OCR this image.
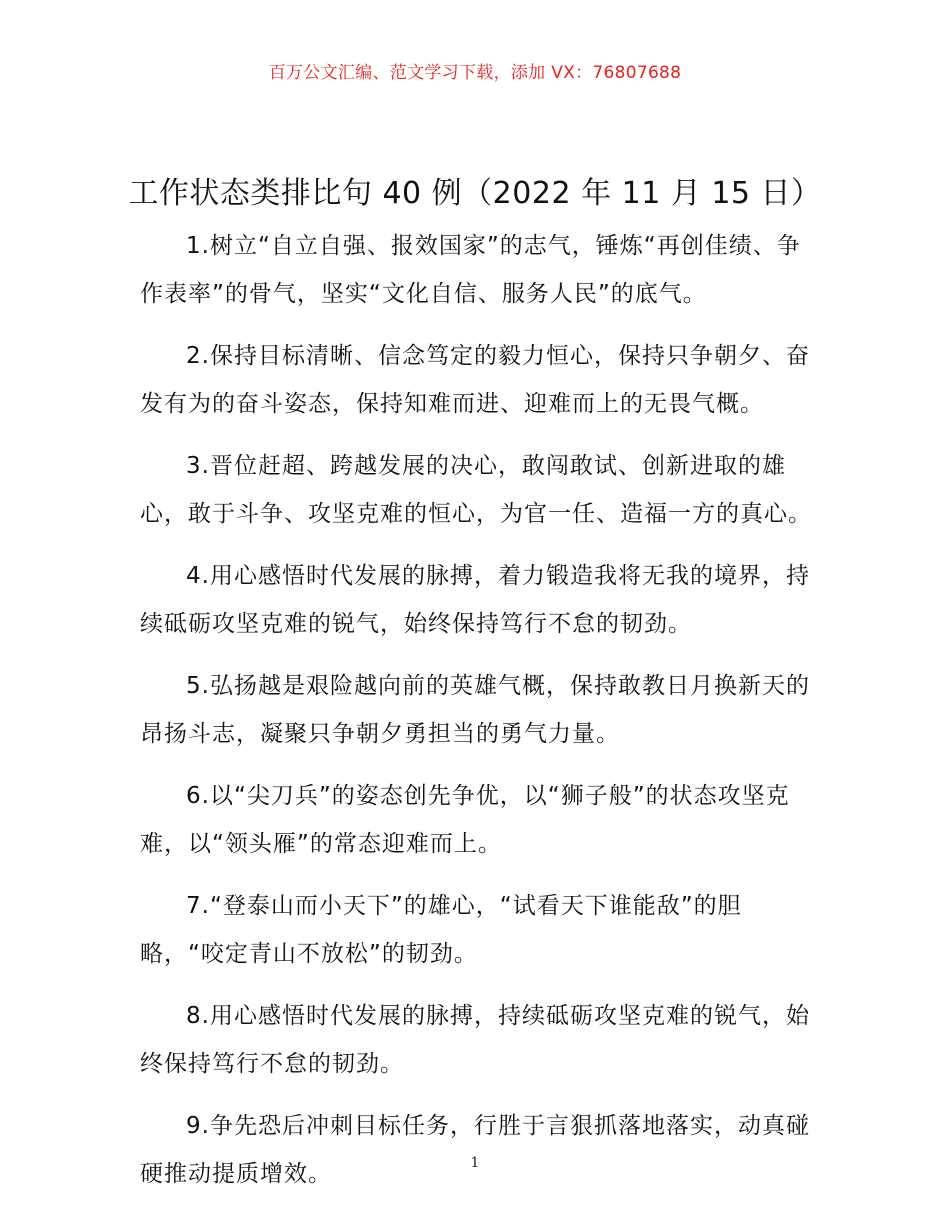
百万公文汇编、范文学习下载，添加 VX：76807688
工作状态类排比句 40 例（2022 年 11 月 15 日）

1.树立“自立自强、报效国家”的志气，锤炼“再创佳绩、争作表率”的骨气，坚实“文化自信、服务人民”的底气。

2.保持目标清晰、信念笃定的毅力恒心，保持只争朝夕、奋发有为的奋斗姿态，保持知难而进、迎难而上的无畏气概。

3.晋位赶超、跨越发展的决心，敢闯敢试、创新进取的雄心，敢于斗争、攻坚克难的恒心，为官一任、造福一方的真心。

4.用心感悟时代发展的脉搏，着力锻造我将无我的境界，持续砥砺攻坚克难的锐气，始终保持笃行不怠的韧劲。

5.弘扬越是艰险越向前的英雄气概，保持敢教日月换新天的昂扬斗志，凝聚只争朝夕勇担当的勇气力量。

6.以“尖刀兵”的姿态创先争优，以“狮子般”的状态攻坚克难，以“领头雁”的常态迎难而上。

7.“登泰山而小天下”的雄心，“试看天下谁能敌”的胆略，“咬定青山不放松”的韧劲。

8.用心感悟时代发展的脉搏，持续砥砺攻坚克难的锐气，始终保持笃行不怠的韧劲。

9.争先恐后冲刺目标任务，行胜于言狠抓落地落实，动真碰硬推动提质增效。	1
